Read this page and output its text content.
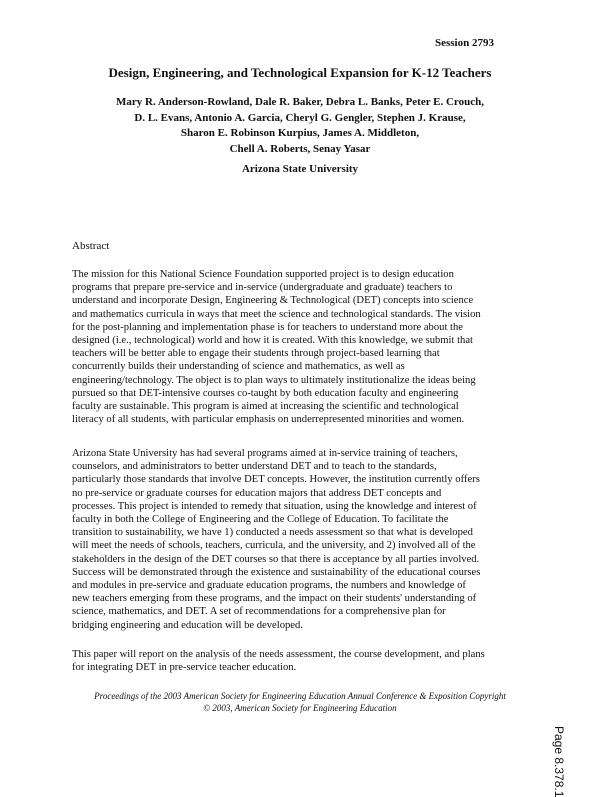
Session 2793
Design, Engineering, and Technological Expansion for K-12 Teachers
Mary R. Anderson-Rowland, Dale R. Baker, Debra L. Banks, Peter E. Crouch,
D. L. Evans, Antonio A. Garcia, Cheryl G. Gengler, Stephen J. Krause,
Sharon E. Robinson Kurpius, James A. Middleton,
Chell A. Roberts, Senay Yasar
Arizona State University
Abstract
The mission for this National Science Foundation supported project is to design education
programs that prepare pre-service and in-service (undergraduate and graduate) teachers to
understand and incorporate Design, Engineering & Technological (DET) concepts into science
and mathematics curricula in ways that meet the science and technological standards. The vision
for the post-planning and implementation phase is for teachers to understand more about the
designed (i.e., technological) world and how it is created. With this knowledge, we submit that
teachers will be better able to engage their students through project-based learning that
concurrently builds their understanding of science and mathematics, as well as
engineering/technology. The object is to plan ways to ultimately institutionalize the ideas being
pursued so that DET-intensive courses co-taught by both education faculty and engineering
faculty are sustainable. This program is aimed at increasing the scientific and technological
literacy of all students, with particular emphasis on underrepresented minorities and women.
Arizona State University has had several programs aimed at in-service training of teachers,
counselors, and administrators to better understand DET and to teach to the standards,
particularly those standards that involve DET concepts. However, the institution currently offers
no pre-service or graduate courses for education majors that address DET concepts and
processes. This project is intended to remedy that situation, using the knowledge and interest of
faculty in both the College of Engineering and the College of Education. To facilitate the
transition to sustainability, we have 1) conducted a needs assessment so that what is developed
will meet the needs of schools, teachers, curricula, and the university, and 2) involved all of the
stakeholders in the design of the DET courses so that there is acceptance by all parties involved.
Success will be demonstrated through the existence and sustainability of the educational courses
and modules in pre-service and graduate education programs, the numbers and knowledge of
new teachers emerging from these programs, and the impact on their students' understanding of
science, mathematics, and DET. A set of recommendations for a comprehensive plan for
bridging engineering and education will be developed.
This paper will report on the analysis of the needs assessment, the course development, and plans
for integrating DET in pre-service teacher education.
Proceedings of the 2003 American Society for Engineering Education Annual Conference & Exposition Copyright
© 2003, American Society for Engineering Education
Page 8.378.1
